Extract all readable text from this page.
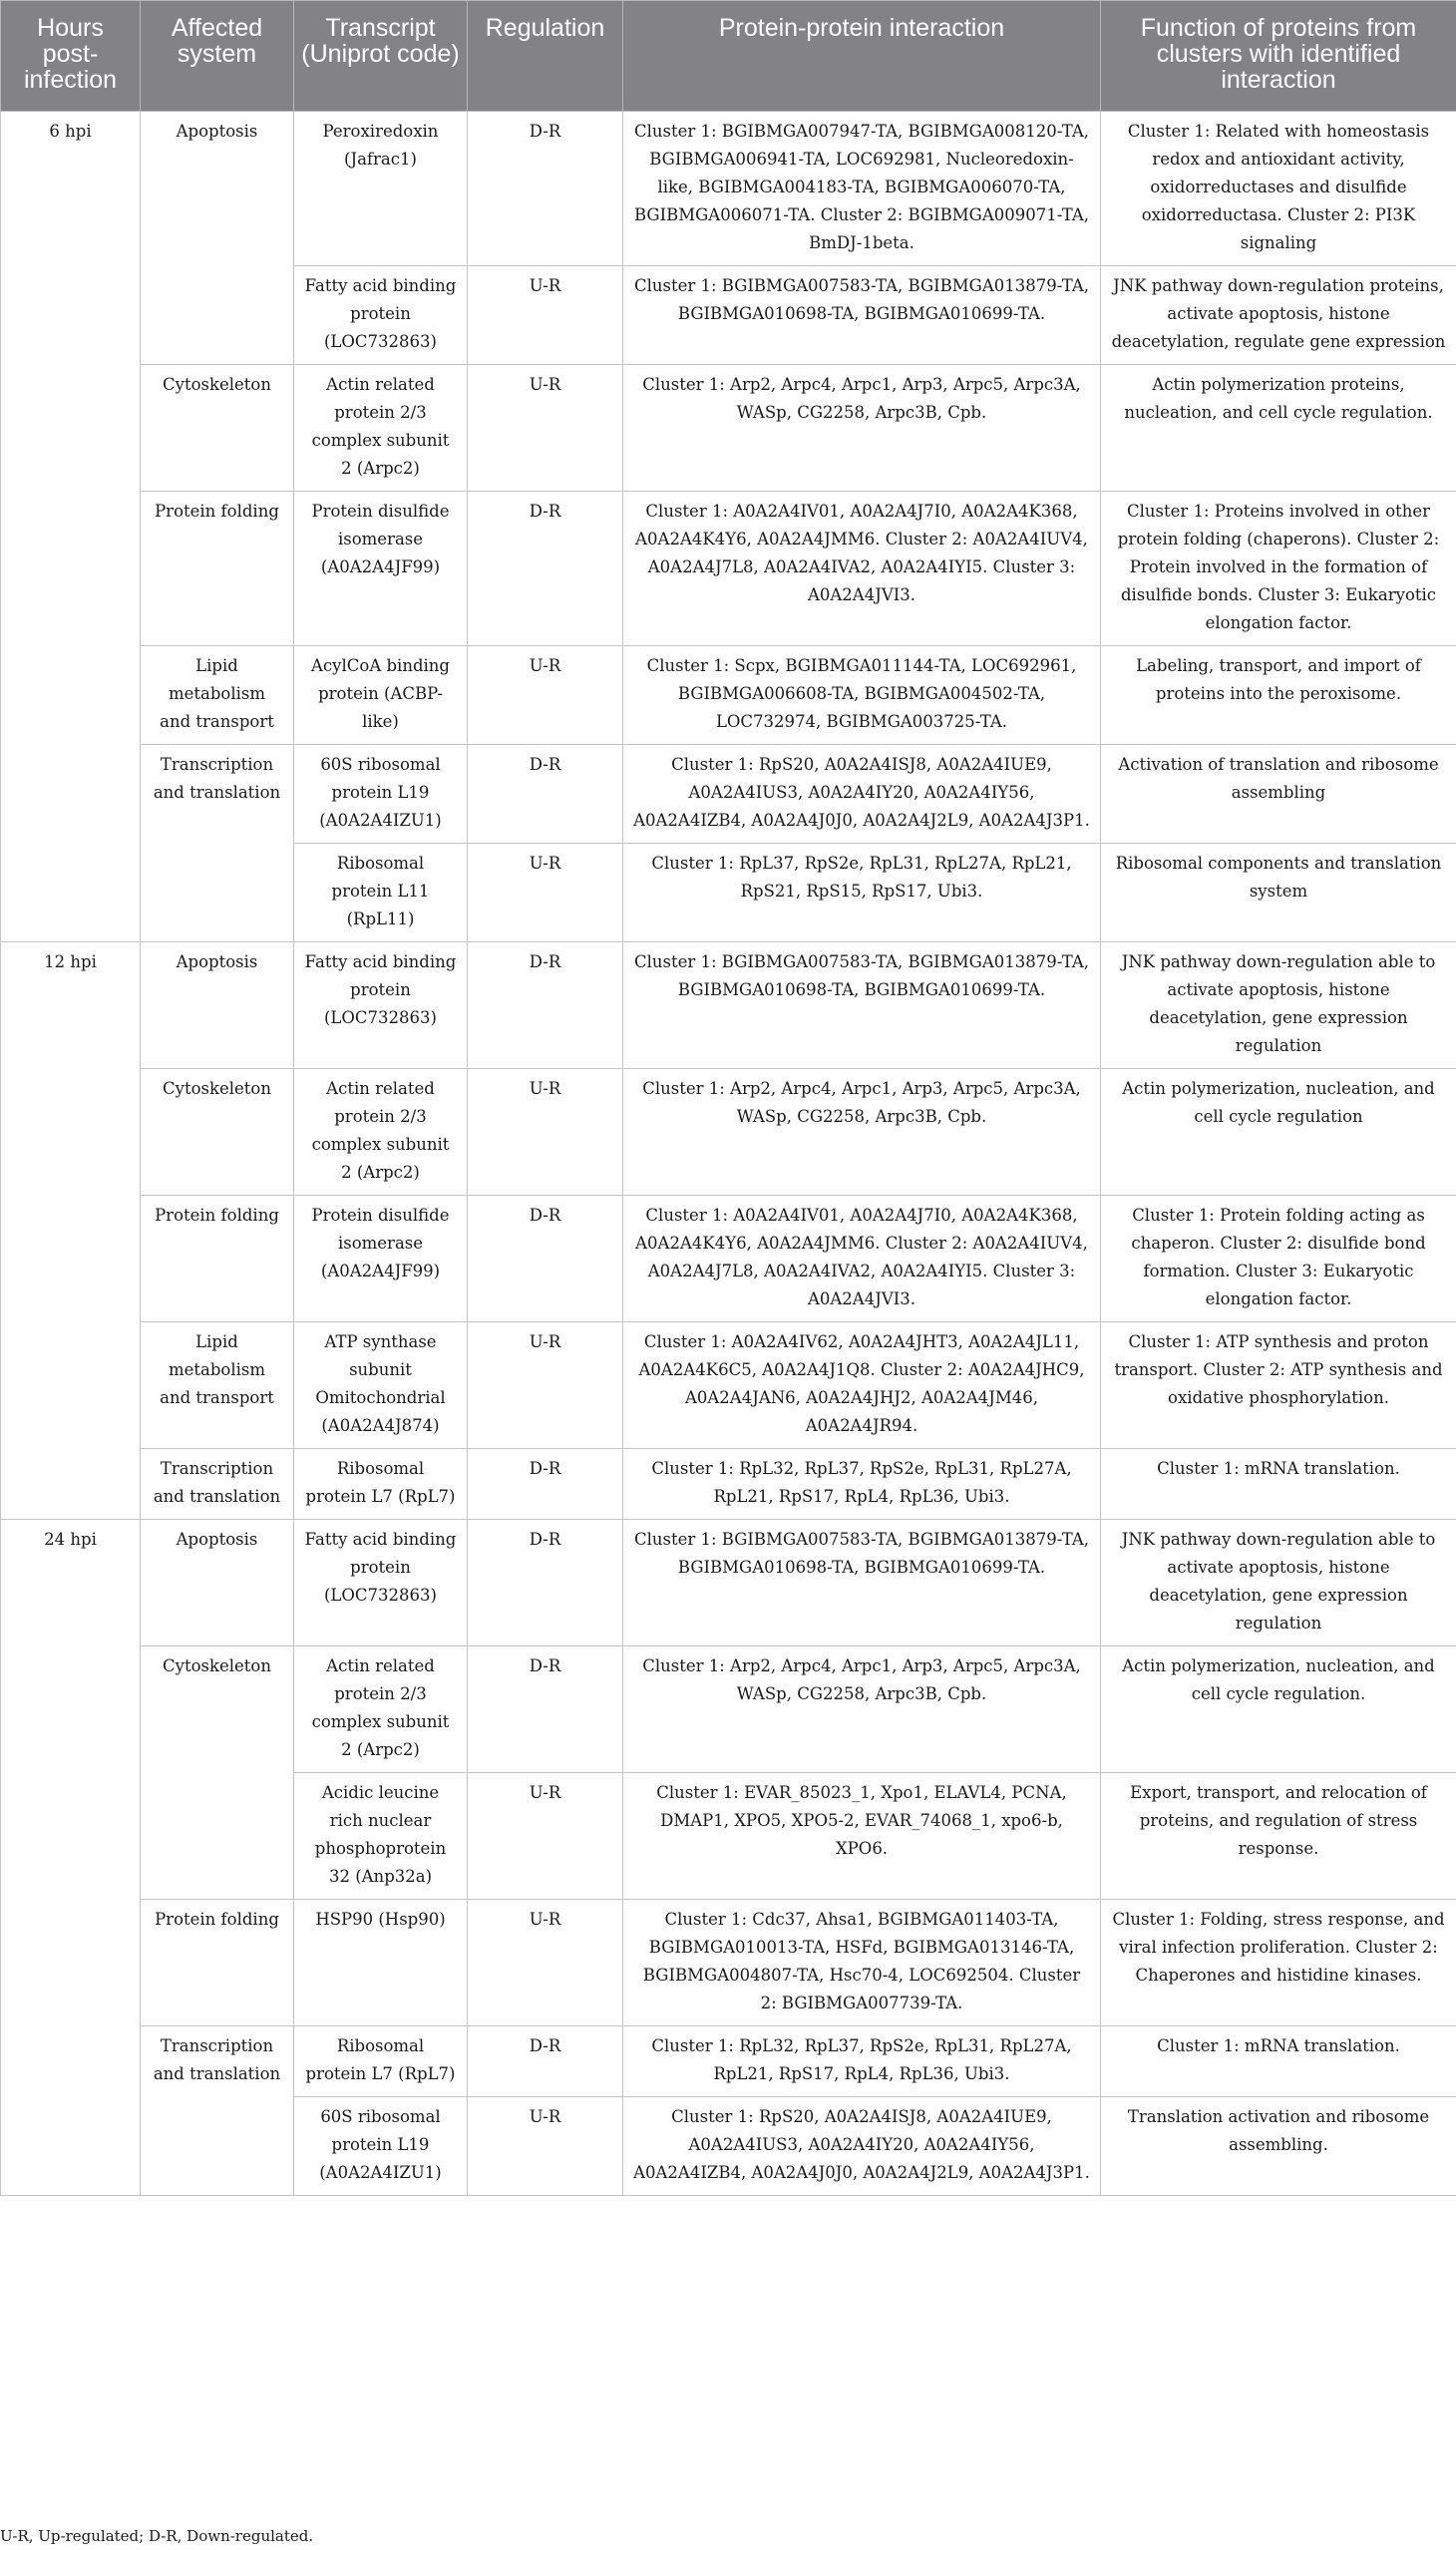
Hours post-infection	Affected system	Transcript (Uniprot code)	Regulation	Protein-protein interaction	Function of proteins from clusters with identified interaction
6 hpi	Apoptosis	Peroxiredoxin (Jafrac1)	D-R	Cluster 1: BGIBMGA007947-TA, BGIBMGA008120-TA, BGIBMGA006941-TA, LOC692981, Nucleoredoxin-like, BGIBMGA004183-TA, BGIBMGA006070-TA, BGIBMGA006071-TA. Cluster 2: BGIBMGA009071-TA, BmDJ-1beta.	Cluster 1: Related with homeostasis redox and antioxidant activity, oxidorreductases and disulfide oxidorreductasa. Cluster 2: PI3K signaling
		Fatty acid binding protein (LOC732863)	U-R	Cluster 1: BGIBMGA007583-TA, BGIBMGA013879-TA, BGIBMGA010698-TA, BGIBMGA010699-TA.	JNK pathway down-regulation proteins, activate apoptosis, histone deacetylation, regulate gene expression
	Cytoskeleton	Actin related protein 2/3 complex subunit 2 (Arpc2)	U-R	Cluster 1: Arp2, Arpc4, Arpc1, Arp3, Arpc5, Arpc3A, WASp, CG2258, Arpc3B, Cpb.	Actin polymerization proteins, nucleation, and cell cycle regulation.
	Protein folding	Protein disulfide isomerase (A0A2A4JF99)	D-R	Cluster 1: A0A2A4IV01, A0A2A4J7I0, A0A2A4K368, A0A2A4K4Y6, A0A2A4JMM6. Cluster 2: A0A2A4IUV4, A0A2A4J7L8, A0A2A4IVA2, A0A2A4IYI5. Cluster 3: A0A2A4JVI3.	Cluster 1: Proteins involved in other protein folding (chaperons). Cluster 2: Protein involved in the formation of disulfide bonds. Cluster 3: Eukaryotic elongation factor.
	Lipid metabolism and transport	AcylCoA binding protein (ACBP-like)	U-R	Cluster 1: Scpx, BGIBMGA011144-TA, LOC692961, BGIBMGA006608-TA, BGIBMGA004502-TA, LOC732974, BGIBMGA003725-TA.	Labeling, transport, and import of proteins into the peroxisome.
	Transcription and translation	60S ribosomal protein L19 (A0A2A4IZU1)	D-R	Cluster 1: RpS20, A0A2A4ISJ8, A0A2A4IUE9, A0A2A4IUS3, A0A2A4IY20, A0A2A4IY56, A0A2A4IZB4, A0A2A4J0J0, A0A2A4J2L9, A0A2A4J3P1.	Activation of translation and ribosome assembling
		Ribosomal protein L11 (RpL11)	U-R	Cluster 1: RpL37, RpS2e, RpL31, RpL27A, RpL21, RpS21, RpS15, RpS17, Ubi3.	Ribosomal components and translation system
12 hpi	Apoptosis	Fatty acid binding protein (LOC732863)	D-R	Cluster 1: BGIBMGA007583-TA, BGIBMGA013879-TA, BGIBMGA010698-TA, BGIBMGA010699-TA.	JNK pathway down-regulation able to activate apoptosis, histone deacetylation, gene expression regulation
	Cytoskeleton	Actin related protein 2/3 complex subunit 2 (Arpc2)	U-R	Cluster 1: Arp2, Arpc4, Arpc1, Arp3, Arpc5, Arpc3A, WASp, CG2258, Arpc3B, Cpb.	Actin polymerization, nucleation, and cell cycle regulation
	Protein folding	Protein disulfide isomerase (A0A2A4JF99)	D-R	Cluster 1: A0A2A4IV01, A0A2A4J7I0, A0A2A4K368, A0A2A4K4Y6, A0A2A4JMM6. Cluster 2: A0A2A4IUV4, A0A2A4J7L8, A0A2A4IVA2, A0A2A4IYI5. Cluster 3: A0A2A4JVI3.	Cluster 1: Protein folding acting as chaperon. Cluster 2: disulfide bond formation. Cluster 3: Eukaryotic elongation factor.
	Lipid metabolism and transport	ATP synthase subunit Omitochondrial (A0A2A4J874)	U-R	Cluster 1: A0A2A4IV62, A0A2A4JHT3, A0A2A4JL11, A0A2A4K6C5, A0A2A4J1Q8. Cluster 2: A0A2A4JHC9, A0A2A4JAN6, A0A2A4JHJ2, A0A2A4JM46, A0A2A4JR94.	Cluster 1: ATP synthesis and proton transport. Cluster 2: ATP synthesis and oxidative phosphorylation.
	Transcription and translation	Ribosomal protein L7 (RpL7)	D-R	Cluster 1: RpL32, RpL37, RpS2e, RpL31, RpL27A, RpL21, RpS17, RpL4, RpL36, Ubi3.	Cluster 1: mRNA translation.
24 hpi	Apoptosis	Fatty acid binding protein (LOC732863)	D-R	Cluster 1: BGIBMGA007583-TA, BGIBMGA013879-TA, BGIBMGA010698-TA, BGIBMGA010699-TA.	JNK pathway down-regulation able to activate apoptosis, histone deacetylation, gene expression regulation
	Cytoskeleton	Actin related protein 2/3 complex subunit 2 (Arpc2)	D-R	Cluster 1: Arp2, Arpc4, Arpc1, Arp3, Arpc5, Arpc3A, WASp, CG2258, Arpc3B, Cpb.	Actin polymerization, nucleation, and cell cycle regulation.
		Acidic leucine rich nuclear phosphoprotein 32 (Anp32a)	U-R	Cluster 1: EVAR_85023_1, Xpo1, ELAVL4, PCNA, DMAP1, XPO5, XPO5-2, EVAR_74068_1, xpo6-b, XPO6.	Export, transport, and relocation of proteins, and regulation of stress response.
	Protein folding	HSP90 (Hsp90)	U-R	Cluster 1: Cdc37, Ahsa1, BGIBMGA011403-TA, BGIBMGA010013-TA, HSFd, BGIBMGA013146-TA, BGIBMGA004807-TA, Hsc70-4, LOC692504. Cluster 2: BGIBMGA007739-TA.	Cluster 1: Folding, stress response, and viral infection proliferation. Cluster 2: Chaperones and histidine kinases.
	Transcription and translation	Ribosomal protein L7 (RpL7)	D-R	Cluster 1: RpL32, RpL37, RpS2e, RpL31, RpL27A, RpL21, RpS17, RpL4, RpL36, Ubi3.	Cluster 1: mRNA translation.
		60S ribosomal protein L19 (A0A2A4IZU1)	U-R	Cluster 1: RpS20, A0A2A4ISJ8, A0A2A4IUE9, A0A2A4IUS3, A0A2A4IY20, A0A2A4IY56, A0A2A4IZB4, A0A2A4J0J0, A0A2A4J2L9, A0A2A4J3P1.	Translation activation and ribosome assembling.
U-R, Up-regulated; D-R, Down-regulated.
